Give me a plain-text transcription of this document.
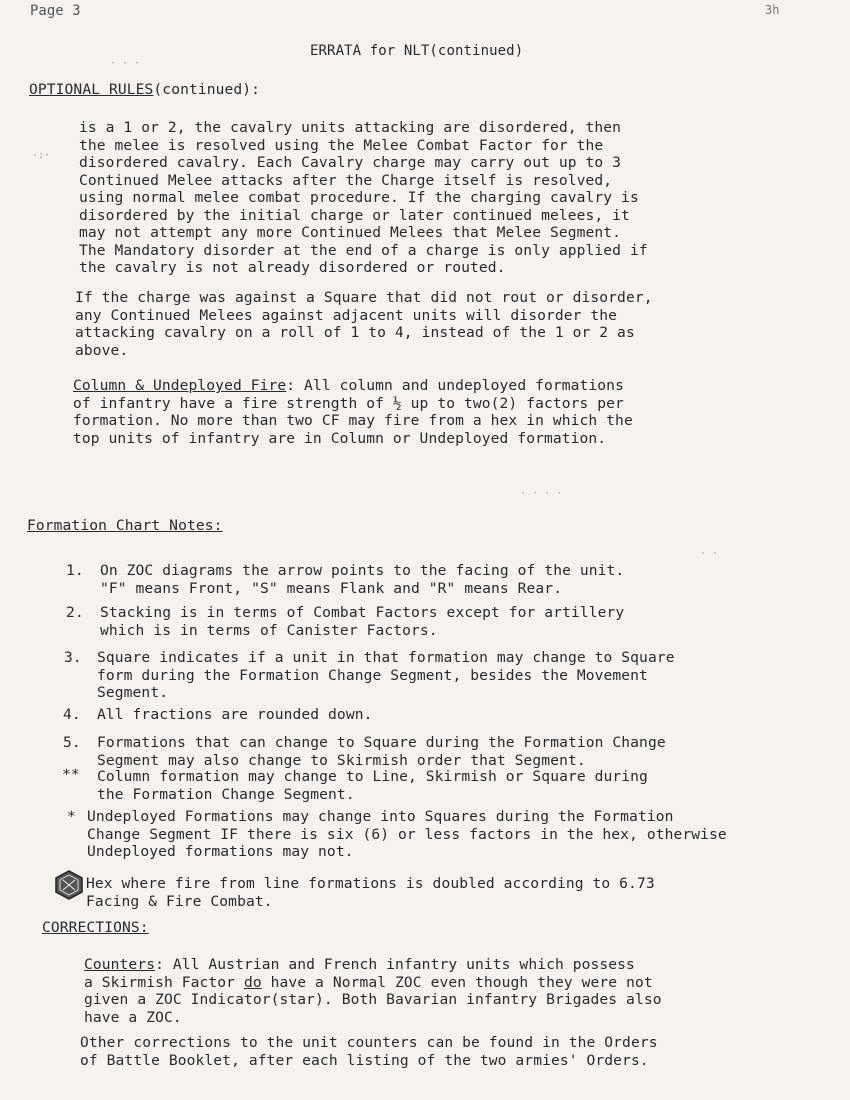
Page 3	3h
ERRATA for NLT(continued)
OPTIONAL RULES(continued):
is a 1 or 2, the cavalry units attacking are disordered, then
the melee is resolved using the Melee Combat Factor for the
disordered cavalry. Each Cavalry charge may carry out up to 3
Continued Melee attacks after the Charge itself is resolved,
using normal melee combat procedure. If the charging cavalry is
disordered by the initial charge or later continued melees, it
may not attempt any more Continued Melees that Melee Segment.
The Mandatory disorder at the end of a charge is only applied if
the cavalry is not already disordered or routed.
If the charge was against a Square that did not rout or disorder,
any Continued Melees against adjacent units will disorder the
attacking cavalry on a roll of 1 to 4, instead of the 1 or 2 as
above.
Column & Undeployed Fire: All column and undeployed formations
of infantry have a fire strength of ½ up to two(2) factors per
formation. No more than two CF may fire from a hex in which the
top units of infantry are in Column or Undeployed formation.
Formation Chart Notes:
1. On ZOC diagrams the arrow points to the facing of the unit.
"F" means Front, "S" means Flank and "R" means Rear.
2. Stacking is in terms of Combat Factors except for artillery
which is in terms of Canister Factors.
3. Square indicates if a unit in that formation may change to Square
form during the Formation Change Segment, besides the Movement
Segment.
4. All fractions are rounded down.
5. Formations that can change to Square during the Formation Change
Segment may also change to Skirmish order that Segment.
** Column formation may change to Line, Skirmish or Square during
the Formation Change Segment.
* Undeployed Formations may change into Squares during the Formation
Change Segment IF there is six (6) or less factors in the hex, otherwise
Undeployed formations may not.
Hex where fire from line formations is doubled according to 6.73
Facing & Fire Combat.
CORRECTIONS:
Counters: All Austrian and French infantry units which possess
a Skirmish Factor do have a Normal ZOC even though they were not
given a ZOC Indicator(star). Both Bavarian infantry Brigades also
have a ZOC.
Other corrections to the unit counters can be found in the Orders
of Battle Booklet, after each listing of the two armies' Orders.
·:·
· · ·
· · · ·
· ·
